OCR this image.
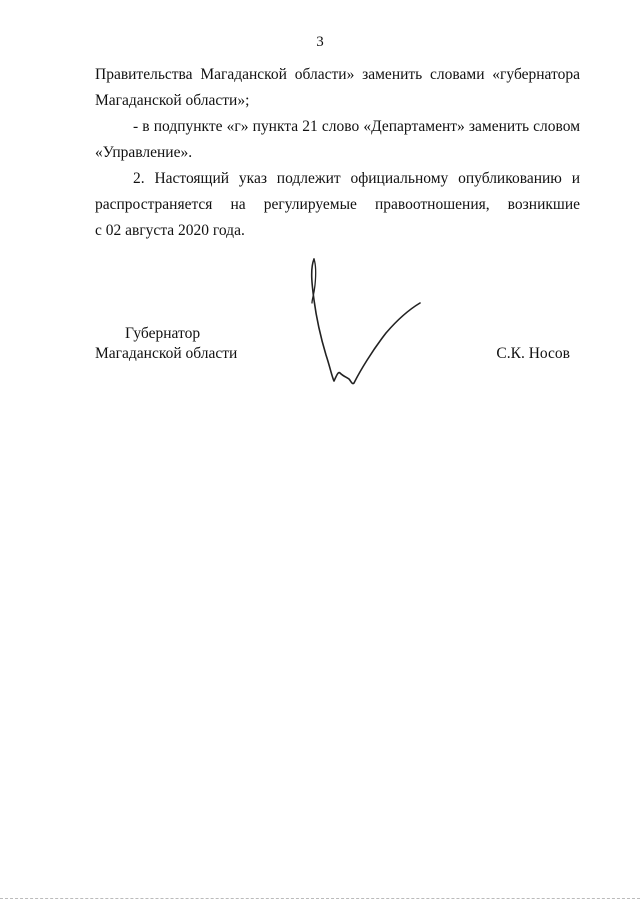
3
Правительства Магаданской области» заменить словами «губернатора
Магаданской области»;
- в подпункте «г» пункта 21 слово «Департамент» заменить словом
«Управление».
2. Настоящий указ подлежит официальному опубликованию и
распространяется на регулируемые правоотношения, возникшие
с 02 августа 2020 года.
Губернатор
Магаданской области	С.К. Носов
